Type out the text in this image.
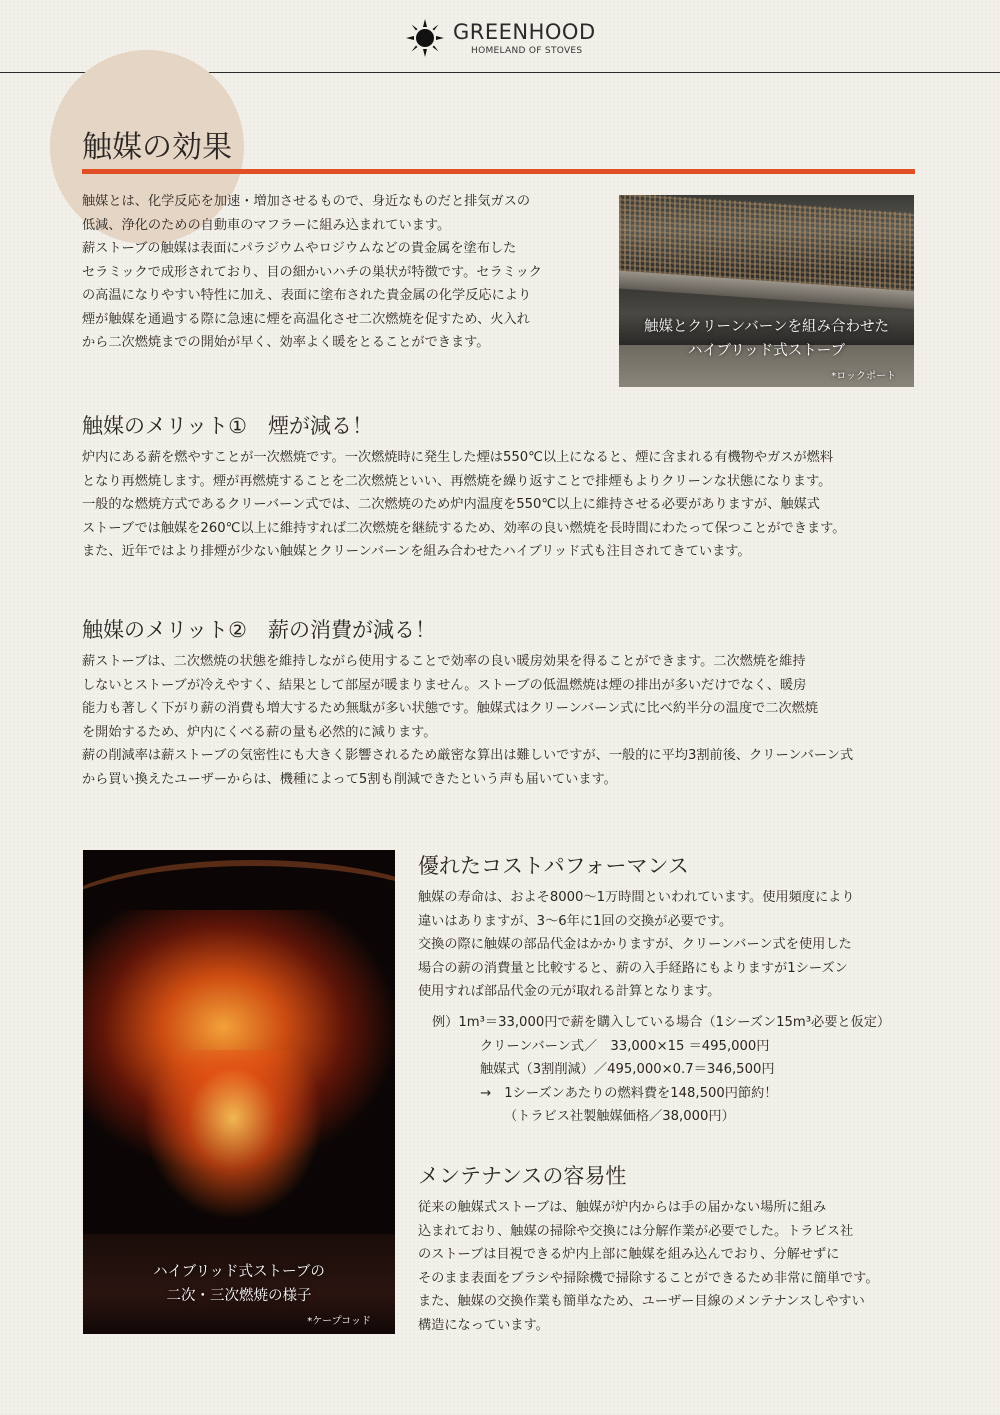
GREENHOOD
HOMELAND OF STOVES
触媒の効果

触媒とは、化学反応を加速・増加させるもので、身近なものだと排気ガスの

低減、浄化のための自動車のマフラーに組み込まれています。

薪ストーブの触媒は表面にパラジウムやロジウムなどの貴金属を塗布した

セラミックで成形されており、目の細かいハチの巣状が特徴です。セラミック

の高温になりやすい特性に加え、表面に塗布された貴金属の化学反応により

煙が触媒を通過する際に急速に煙を高温化させ二次燃焼を促すため、火入れ

から二次燃焼までの開始が早く、効率よく暖をとることができます。

触媒とクリーンバーンを組み合わせた
ハイブリッド式ストーブ
*ロックポート
触媒のメリット①　煙が減る！

炉内にある薪を燃やすことが一次燃焼です。一次燃焼時に発生した煙は550℃以上になると、煙に含まれる有機物やガスが燃料

となり再燃焼します。煙が再燃焼することを二次燃焼といい、再燃焼を繰り返すことで排煙もよりクリーンな状態になります。

一般的な燃焼方式であるクリーバーン式では、二次燃焼のため炉内温度を550℃以上に維持させる必要がありますが、触媒式

ストーブでは触媒を260℃以上に維持すれば二次燃焼を継続するため、効率の良い燃焼を長時間にわたって保つことができます。

また、近年ではより排煙が少ない触媒とクリーンバーンを組み合わせたハイブリッド式も注目されてきています。

触媒のメリット②　薪の消費が減る！

薪ストーブは、二次燃焼の状態を維持しながら使用することで効率の良い暖房効果を得ることができます。二次燃焼を維持

しないとストーブが冷えやすく、結果として部屋が暖まりません。ストーブの低温燃焼は煙の排出が多いだけでなく、暖房

能力も著しく下がり薪の消費も増大するため無駄が多い状態です。触媒式はクリーンバーン式に比べ約半分の温度で二次燃焼

を開始するため、炉内にくべる薪の量も必然的に減ります。

薪の削減率は薪ストーブの気密性にも大きく影響されるため厳密な算出は難しいですが、一般的に平均3割前後、クリーンバーン式

から買い換えたユーザーからは、機種によって5割も削減できたという声も届いています。

ハイブリッド式ストーブの
二次・三次燃焼の様子
*ケープコッド
優れたコストパフォーマンス

触媒の寿命は、およそ8000〜1万時間といわれています。使用頻度により

違いはありますが、3〜6年に1回の交換が必要です。

交換の際に触媒の部品代金はかかりますが、クリーンバーン式を使用した

場合の薪の消費量と比較すると、薪の入手経路にもよりますが1シーズン

使用すれば部品代金の元が取れる計算となります。

例）1m³＝33,000円で薪を購入している場合（1シーズン15m³必要と仮定）

クリーンバーン式／　33,000×15 ＝495,000円

触媒式（3割削減）／495,000×0.7＝346,500円

→　1シーズンあたりの燃料費を148,500円節約！

（トラビス社製触媒価格／38,000円）

メンテナンスの容易性

従来の触媒式ストーブは、触媒が炉内からは手の届かない場所に組み

込まれており、触媒の掃除や交換には分解作業が必要でした。トラビス社

のストーブは目視できる炉内上部に触媒を組み込んでおり、分解せずに

そのまま表面をブラシや掃除機で掃除することができるため非常に簡単です。

また、触媒の交換作業も簡単なため、ユーザー目線のメンテナンスしやすい

構造になっています。
